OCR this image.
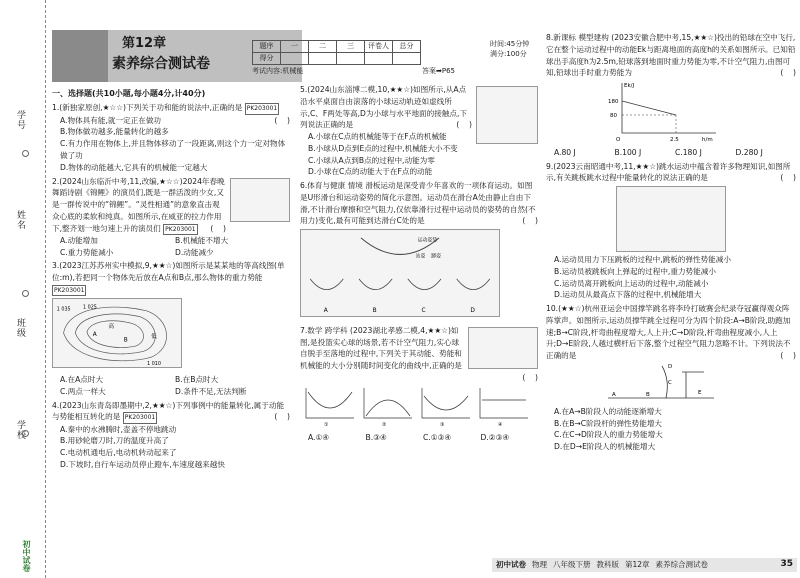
学号
姓名
班级
学校
初中试卷
第12章
素养综合测试卷
题序	一	二	三	评卷人	总分
得分					
时间:45分钟
满分:100分
考试内容:机械能	答案➡P65
一、选择题(共10小题,每小题4分,计40分)
1.(新独家原创,★☆☆)下列关于功和能的说法中,正确的是 PK203001
(    )
A.物体具有能,就一定正在做功
B.物体做功越多,能量转化的越多
C.有力作用在物体上,并且物体移动了一段距离,则这个力一定对物体做了功
D.物体的动能越大,它具有的机械能一定越大
2.(2024山东临沂中考,11,改编,★☆☆)2024年春晚舞蹈诗剧《锦鲤》的演员们,既是一群活泼的少女,又是一群传说中的“锦鲤”。“灵性相通”的意象直击观众心底的柔软和纯真。如图所示,在威亚的拉力作用下,整齐划一地匀速上升的演员们 PK203001 (    )
A.动能增加	B.机械能不增大
C.重力势能减小	D.动能减少
3.(2023江苏苏州实中模拟,9,★★☆)如图所示是某某地的等高线图(单位:m),若把同一个物体先后放在A点和B点,那么物体的重力势能 PK203001
1 035 1 025
1 010
A
B
高
低
A.在A点时大	B.在B点时大
C.两点一样大	D.条件不足,无法判断
4.(2023山东青岛即墨期中,2,★★☆)下列事例中的能量转化,属于动能与势能相互转化的是 PK203001	(    )
A.秦中的水沸腾时,壶盖不停地跳动
B.用砂轮磨刀时,刀的温度升高了
C.电动机通电后,电动机转动起来了
D.下坡时,自行车运动员停止蹬车,车速度越来越快
5.(2024山东淄博二模,10,★★☆)如图所示,从A点沿水平桌面自由滚落的小球运动轨迹如虚线所示,C、F两处等高,D为小球与水平地面的接触点,下列说法正确的是	(    )
A.小球在C点的机械能等于在F点的机械能
B.小球从D点到E点的过程中,机械能大小不变
C.小球从A点到B点的过程中,动能为零
D.小球在C点的动能大于在F点的动能
6.体育与健康 情境 滑板运动是深受青少年喜欢的一项体育运动。如图是U形滑台和运动姿势的简化示意图。运动员在滑台A处由静止自由下滑,不计滑台摩擦和空气阻力,仅依靠滑行过程中运动员的姿势的自然(不用力)变化,最有可能到达滑台C处的是	(    )
运动姿势
站姿 蹲姿
A	B	C	D
7.数学 跨学科 (2023湖北孝感二模,4,★★☆)如图,是投篮实心球的场景,若不计空气阻力,实心球自脱手至落地的过程中,下列关于其动能、势能和机械能的大小分别随时间变化的曲线中,正确的是
(    )
①	②	③	④
A.①④	B.③④	C.①③④	D.②③④
8.新课标 模型建构 (2023安徽合肥中考,15,★★☆)投出的铅球在空中飞行,它在整个运动过程中的动能Ek与距离地面的高度h的关系如图所示。已知铅球出手高度h为2.5m,铅球落到地面时重力势能为零,不计空气阻力,由图可知,铅球出手时重力势能为	(    )
Ek/J
h/m
180
80
2.5
O
A.80 J	B.100 J	C.180 J	D.280 J
9.(2023云南昭通中考,11,★★☆)跳水运动中蕴含着许多物理知识,如图所示,有关跳板跳水过程中能量转化的说法正确的是	(    )
A.运动员用力下压跳板的过程中,跳板的弹性势能减小
B.运动员被跳板向上弹起的过程中,重力势能减小
C.运动员离开跳板向上运动的过程中,动能减小
D.运动员从最高点下落的过程中,机械能增大
10.(★★☆)杭州亚运会中国撑竿跳名将李玲打破赛会纪录夺冠赢得观众阵阵掌声。如图所示,运动员撑竿跳全过程可分为四个阶段:A→B阶段,助跑加速;B→C阶段,杆弯曲程度增大,人上升;C→D阶段,杆弯曲程度减小,人上升;D→E阶段,人越过横杆后下落,整个过程空气阻力忽略不计。下列说法不正确的是	(    )
A	B
C
D
E
A.在A→B阶段人的动能逐渐增大
B.在B→C阶段杆的弹性势能增大
C.在C→D阶段人的重力势能增大
D.在D→E阶段人的机械能增大
初中试卷 物理 八年级下册 教科版 第12章 素养综合测试卷	35
